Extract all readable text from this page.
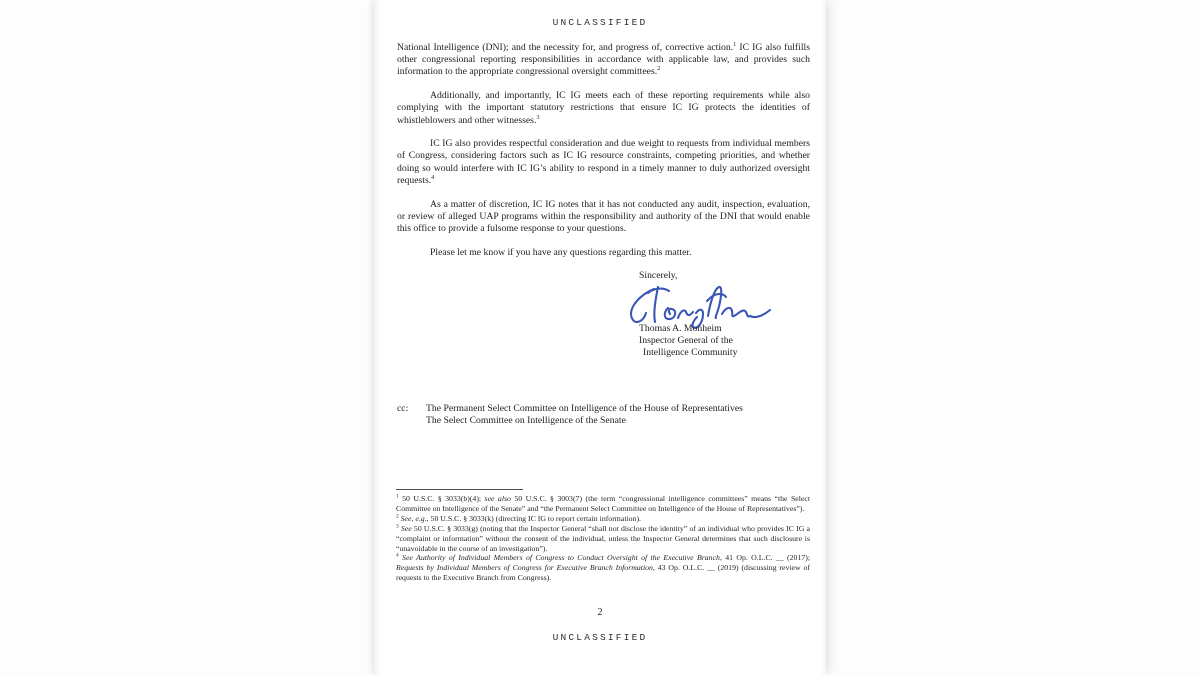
UNCLASSIFIED

National Intelligence (DNI); and the necessity for, and progress of, corrective action.$^1$ IC IG also fulfills other congressional reporting responsibilities in accordance with applicable law, and provides such information to the appropriate congressional oversight committees.$^2$

Additionally, and importantly, IC IG meets each of these reporting requirements while also complying with the important statutory restrictions that ensure IC IG protects the identities of whistleblowers and other witnesses.$^3$

IC IG also provides respectful consideration and due weight to requests from individual members of Congress, considering factors such as IC IG resource constraints, competing priorities, and whether doing so would interfere with IC IG’s ability to respond in a timely manner to duly authorized oversight requests.$^4$

As a matter of discretion, IC IG notes that it has not conducted any audit, inspection, evaluation, or review of alleged UAP programs within the responsibility and authority of the DNI that would enable this office to provide a fulsome response to your questions.

Please let me know if you have any questions regarding this matter.

Sincerely,

Thomas A. Monheim

Inspector General of the

Intelligence Community

cc:	The Permanent Select Committee on Intelligence of the House of Representatives

The Select Committee on Intelligence of the Senate

$^1$ 50 U.S.C. § 3033(b)(4); see also 50 U.S.C. § 3003(7) (the term “congressional intelligence committees” means “the Select Committee on Intelligence of the Senate” and “the Permanent Select Committee on Intelligence of the House of Representatives”).

$^2$ See, e.g., 50 U.S.C. § 3033(k) (directing IC IG to report certain information).

$^3$ See 50 U.S.C. § 3033(g) (noting that the Inspector General “shall not disclose the identity” of an individual who provides IC IG a “complaint or information” without the consent of the individual, unless the Inspector General determines that such disclosure is “unavoidable in the course of an investigation”).

$^4$ See Authority of Individual Members of Congress to Conduct Oversight of the Executive Branch, 41 Op. O.L.C. __ (2017); Requests by Individual Members of Congress for Executive Branch Information, 43 Op. O.L.C. __ (2019) (discussing review of requests to the Executive Branch from Congress).

2
UNCLASSIFIED
